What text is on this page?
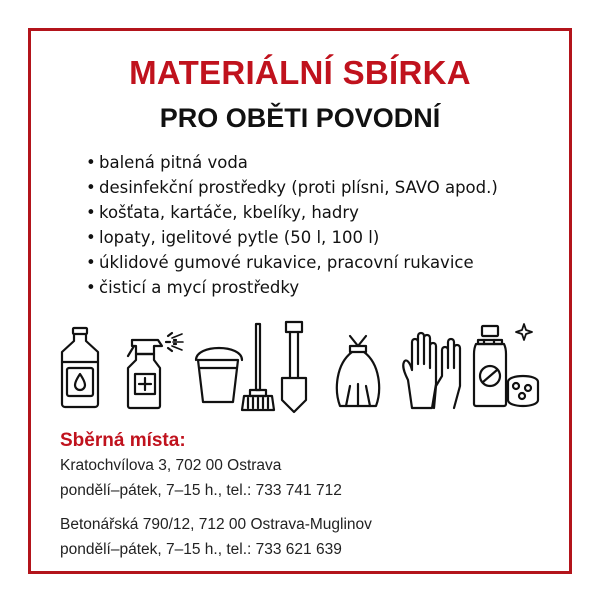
MATERIÁLNÍ SBÍRKA
PRO OBĚTI POVODNÍ
• balená pitná voda
• desinfekční prostředky (proti plísni, SAVO apod.)
• košťata, kartáče, kbelíky, hadry
• lopaty, igelitové pytle (50 l, 100 l)
• úklidové gumové rukavice, pracovní rukavice
• čisticí a mycí prostředky
Sběrná místa:
Kratochvílova 3, 702 00 Ostrava
pondělí–pátek, 7–15 h., tel.: 733 741 712
Betonářská 790/12, 712 00 Ostrava-Muglinov
pondělí–pátek, 7–15 h., tel.: 733 621 639
